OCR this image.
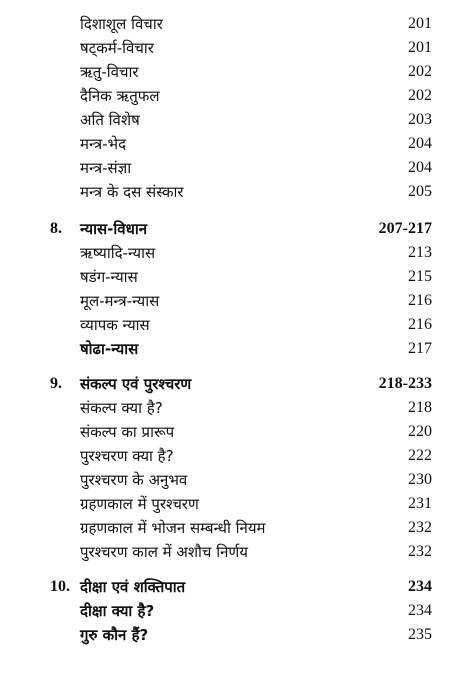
दिशाशूल विचार	201
षट्कर्म-विचार	201
ऋतु-विचार	202
दैनिक ऋतुफल	202
अति विशेष	203
मन्त्र-भेद	204
मन्त्र-संज्ञा	204
मन्त्र के दस संस्कार	205
8. न्यास-विधान	207-217
ऋष्यादि-न्यास	213
षडंग-न्यास	215
मूल-मन्त्र-न्यास	216
व्यापक न्यास	216
षोढा-न्यास	217
9. संकल्प एवं पुरश्चरण	218-233
संकल्प क्या है?	218
संकल्प का प्रारूप	220
पुरश्चरण क्या है?	222
पुरश्चरण के अनुभव	230
ग्रहणकाल में पुरश्चरण	231
ग्रहणकाल में भोजन सम्बन्धी नियम	232
पुरश्चरण काल में अशौच निर्णय	232
10. दीक्षा एवं शक्तिपात	234
दीक्षा क्या है?	234
गुरु कौन हैं?	235
